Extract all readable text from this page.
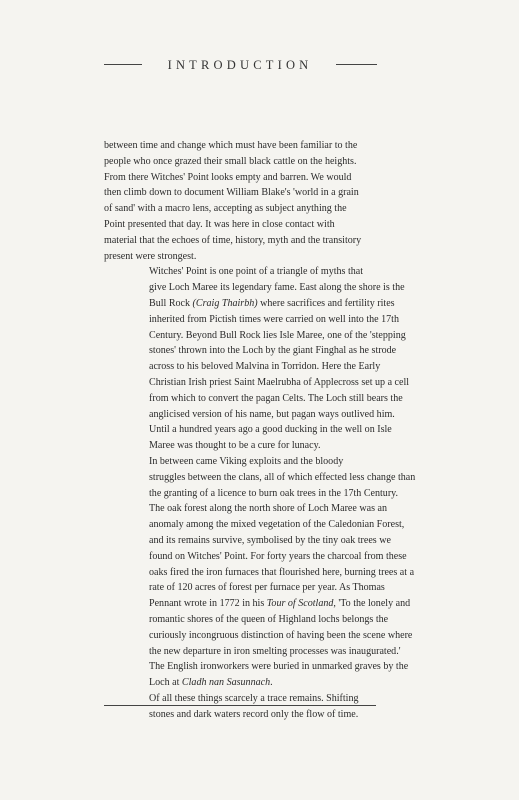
INTRODUCTION

between time and change which must have been familiar to the
people who once grazed their small black cattle on the heights.
From there Witches' Point looks empty and barren. We would
then climb down to document William Blake's 'world in a grain
of sand' with a macro lens, accepting as subject anything the
Point presented that day. It was here in close contact with
material that the echoes of time, history, myth and the transitory
present were strongest.

Witches' Point is one point of a triangle of myths that
give Loch Maree its legendary fame. East along the shore is the
Bull Rock (Craig Thairbh) where sacrifices and fertility rites
inherited from Pictish times were carried on well into the 17th
Century. Beyond Bull Rock lies Isle Maree, one of the 'stepping
stones' thrown into the Loch by the giant Finghal as he strode
across to his beloved Malvina in Torridon. Here the Early
Christian Irish priest Saint Maelrubha of Applecross set up a cell
from which to convert the pagan Celts. The Loch still bears the
anglicised version of his name, but pagan ways outlived him.
Until a hundred years ago a good ducking in the well on Isle
Maree was thought to be a cure for lunacy.

In between came Viking exploits and the bloody
struggles between the clans, all of which effected less change than
the granting of a licence to burn oak trees in the 17th Century.
The oak forest along the north shore of Loch Maree was an
anomaly among the mixed vegetation of the Caledonian Forest,
and its remains survive, symbolised by the tiny oak trees we
found on Witches' Point. For forty years the charcoal from these
oaks fired the iron furnaces that flourished here, burning trees at a
rate of 120 acres of forest per furnace per year. As Thomas
Pennant wrote in 1772 in his Tour of Scotland, 'To the lonely and
romantic shores of the queen of Highland lochs belongs the
curiously incongruous distinction of having been the scene where
the new departure in iron smelting processes was inaugurated.'
The English ironworkers were buried in unmarked graves by the
Loch at Cladh nan Sasunnach.

Of all these things scarcely a trace remains. Shifting
stones and dark waters record only the flow of time.
